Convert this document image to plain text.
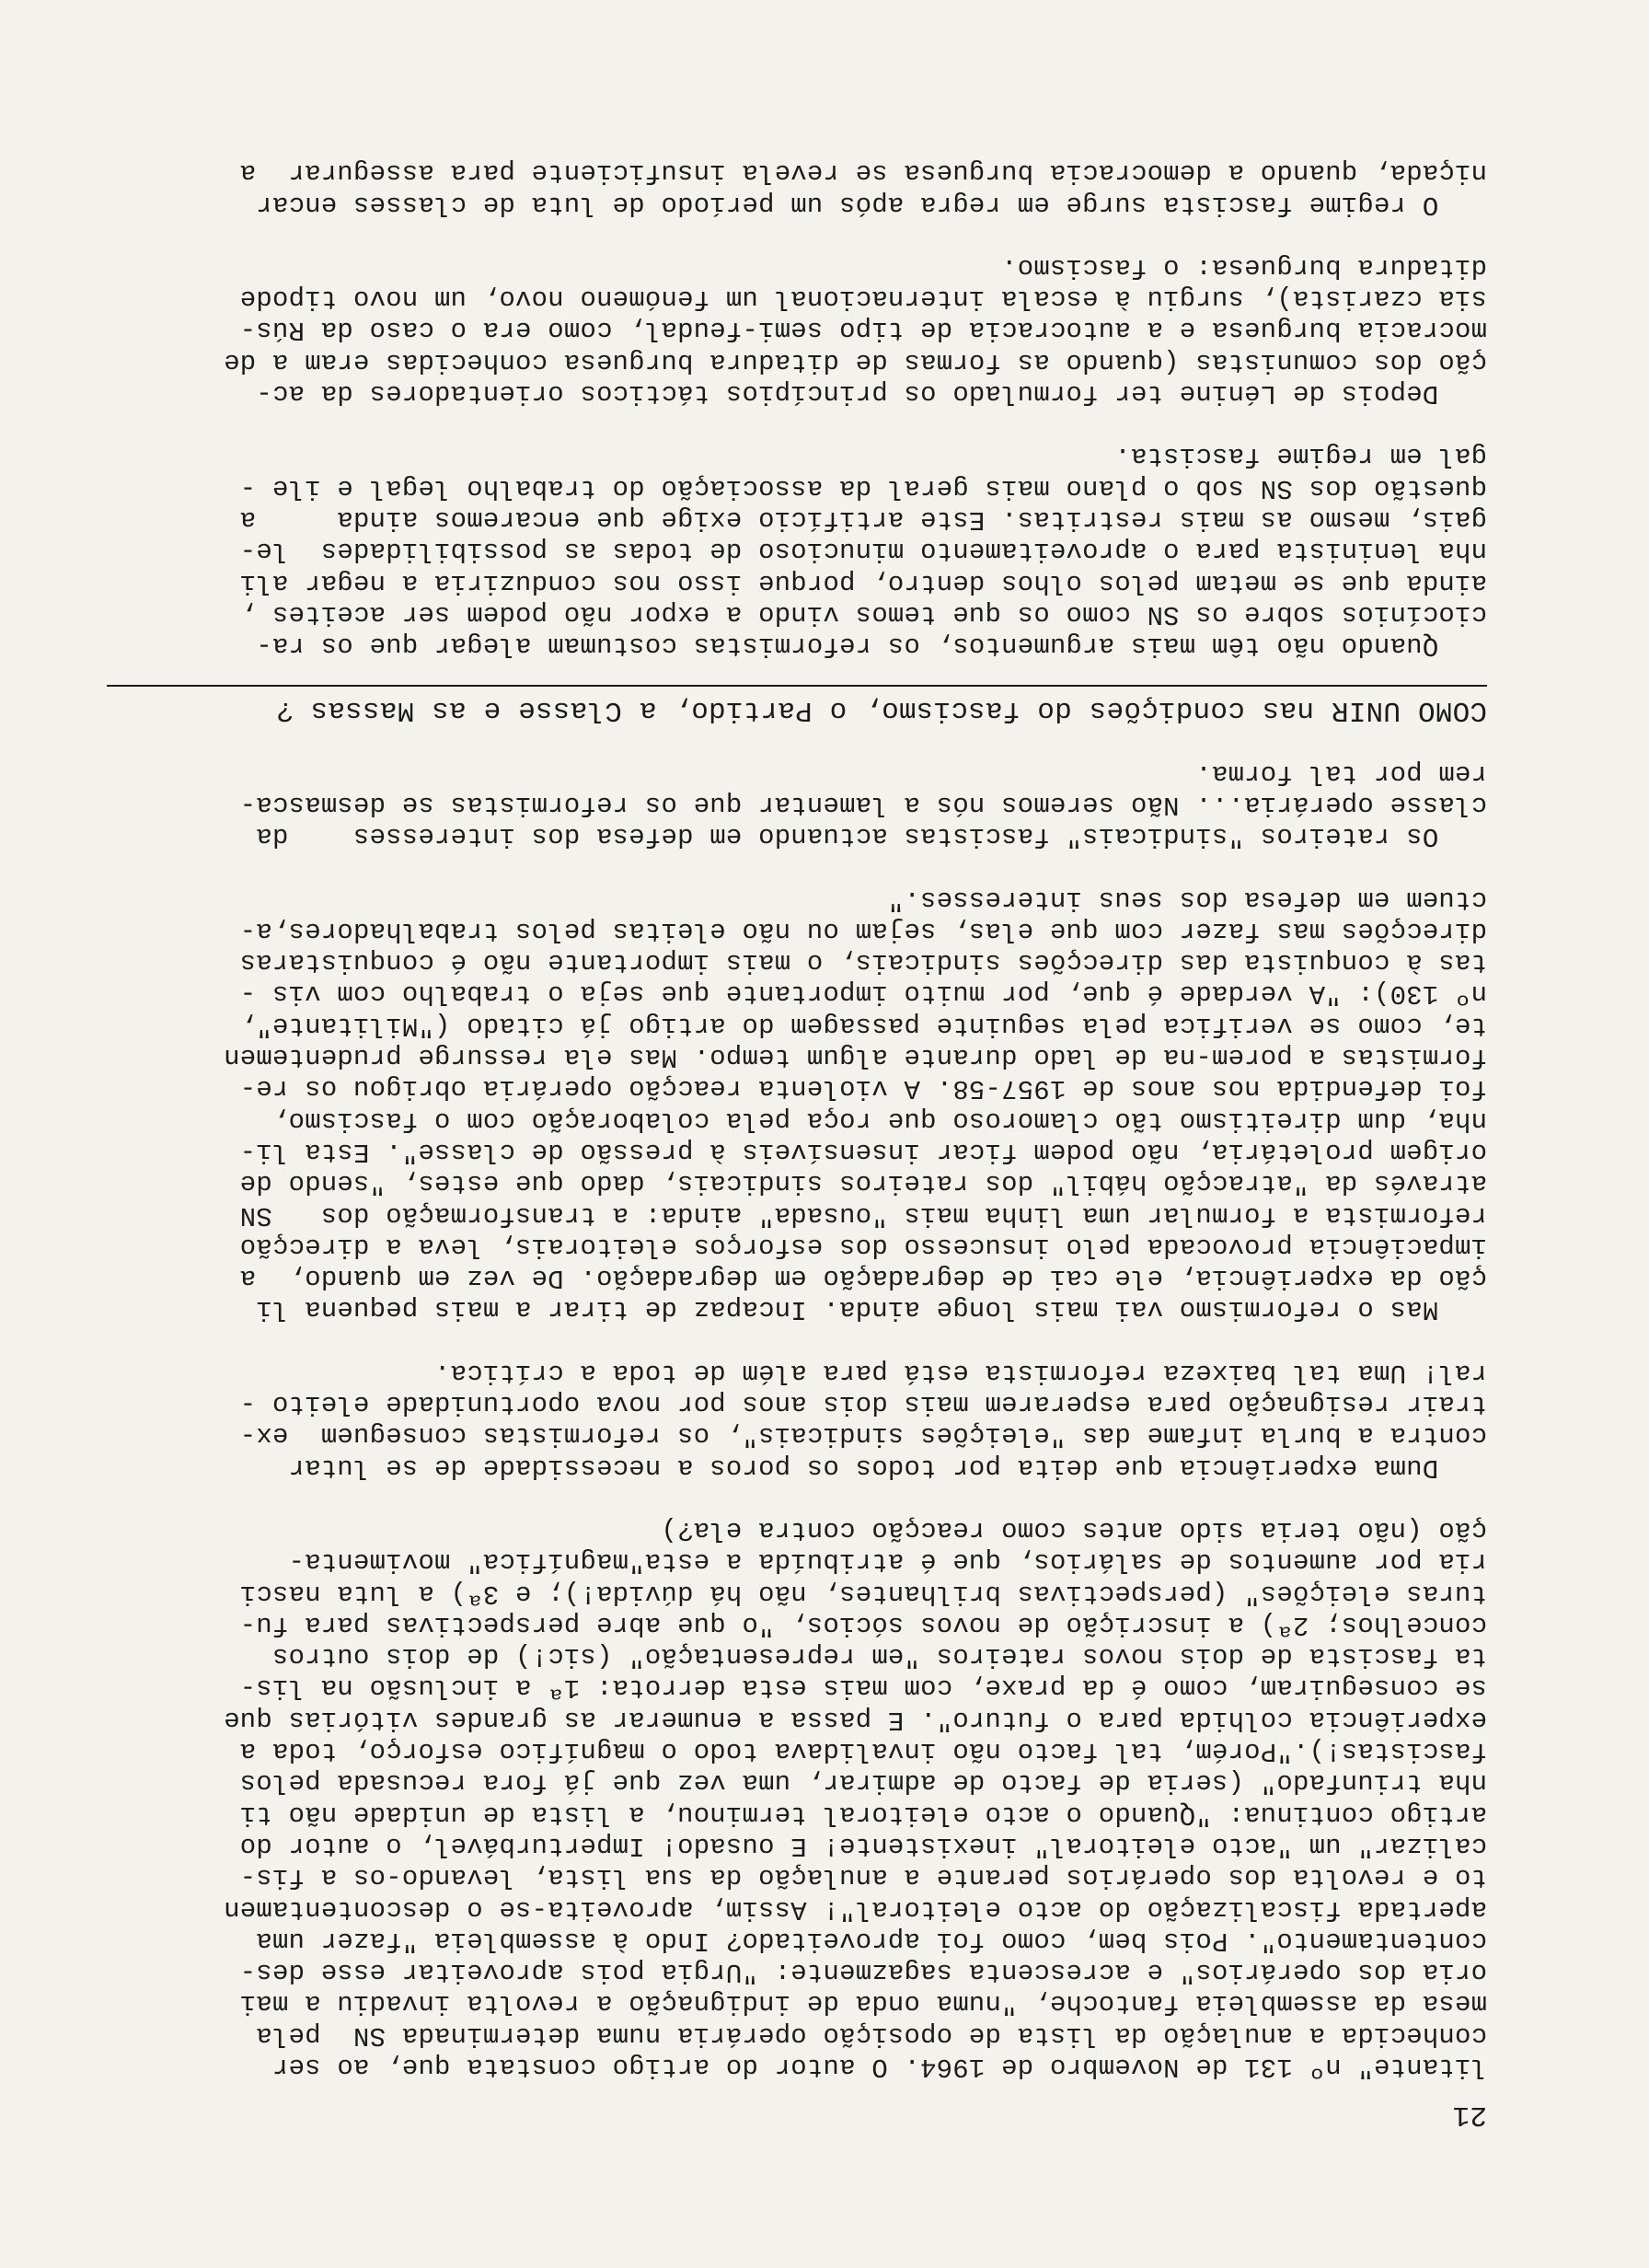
21
litante" nº 131 de Novembro de 1964. O autor do artigo constata que, ao ser
conhecida a anulação da lista de oposição operária numa determinada SN  pela
mesa da assembleia fantoche, "numa onda de indignação a revolta invadiu a mai
oria dos operários" e acrescenta sagazmente: "Urgia pois aproveitar esse des-
contentamento". Pois bem, como foi aproveitado? Indo à assembleia "fazer uma
apertada fiscalização do acto eleitoral"! Assim, aproveita-se o descontentamen
to e revolta dos operários perante a anulação da sua lista, levando-os a fis-
calizar" um "acto eleitoral" inexistente! E ousado! Imperturbável, o autor do
artigo continua: "Quando o acto eleitoral terminou, a lista de unidade não ti
nha triunfado" (seria de facto de admirar, uma vez que já fora recusada pelos
fascistas!)."Porém, tal facto não invalidava todo o magnífico esforço, toda a
experiência colhida para o futuro". E passa a enumerar as grandes vitórias que
se conseguiram, como é da praxe, com mais esta derrota: 1ª a inclusão na lis-
ta fascista de dois novos rateiros "em representação" (sic!) de dois outros
concelhos; 2ª) a inscrição de novos sócios, "o que abre perspectivas para fu-
turas eleições" (perspectivas brilhantes, não há dúvida!); e 3ª) a luta nasci
ria por aumentos de salários, que é atribuída a esta"magnífica" movimenta-
ção (não teria sido antes como reacção contra ela?)
Duma experiência que deita por todos os poros a necessidade de se lutar
contra a burla infame das "eleições sindicais", os reformistas conseguem  ex-
trair resignação para esperarem mais dois anos por nova oportunidade eleito -
ral! Uma tal baixeza reformista está para além de toda a crítica.
Mas o reformismo vai mais longe ainda. Incapaz de tirar a mais pequena li
ção da experiência, ele cai de degradação em degradação. De vez em quando,  a
impaciência provocada pelo insucesso dos esforços eleitorais, leva a direcção
reformista a formular uma linha mais "ousada" ainda: a transformação dos   SN
através da "atracção hábil" dos rateiros sindicais, dado que estes, "sendo de
origem proletária, não podem ficar insensíveis à pressão de classe". Esta li-
nha, dum direitismo tão clamoroso que roça pela colaboração com o fascismo,
foi defendida nos anos de 1957-58. A violenta reacção operária obrigou os re-
formistas a porem-na de lado durante algum tempo. Mas ela ressurge prudentemen
te, como se verifica pela seguinte passagem do artigo já citado ("Militante",
nº 130): "A verdade é que, por muito importante que seja o trabalho com vis -
tas à conquista das direcções sindicais, o mais importante não é conquistaras
direcções mas fazer com que elas, sejam ou não eleitas pelos trabalhadores,a-
ctuem em defesa dos seus interesses."
Os rateiros "sindicais" fascistas actuando em defesa dos interesses    da
classe operária... Não seremos nós a lamentar que os reformistas se desmasca-
rem por tal forma.
COMO UNIR nas condições do fascismo, o Partido, a Classe e as Massas ?
Quando não têm mais argumentos, os reformistas costumam alegar que os ra-
ciocínios sobre os SN como os que temos vindo a expor não podem ser aceites ,
ainda que se metam pelos olhos dentro, porque isso nos conduziria a negar ali
nha leninista para o aproveitamento minucioso de todas as possibilidades  le-
gais, mesmo as mais restritas. Este artifício exige que encaremos ainda     a
questão dos SN sob o plano mais geral da associação do trabalho legal e ile -
gal em regime fascista.
Depois de Lénine ter formulado os princípios tácticos orientadores da ac-
ção dos comunistas (quando as formas de ditadura burguesa conhecidas eram a de
mocracia burguesa e a autocracia de tipo semi-feudal, como era o caso da Rús-
sia czarista), surgiu à escala internacional um fenómeno novo, um novo tipode
ditadura burguesa: o fascismo.
O regime fascista surge em regra após um período de luta de classes encar
niçada, quando a democracia burguesa se revela insuficiente para assegurar  a
